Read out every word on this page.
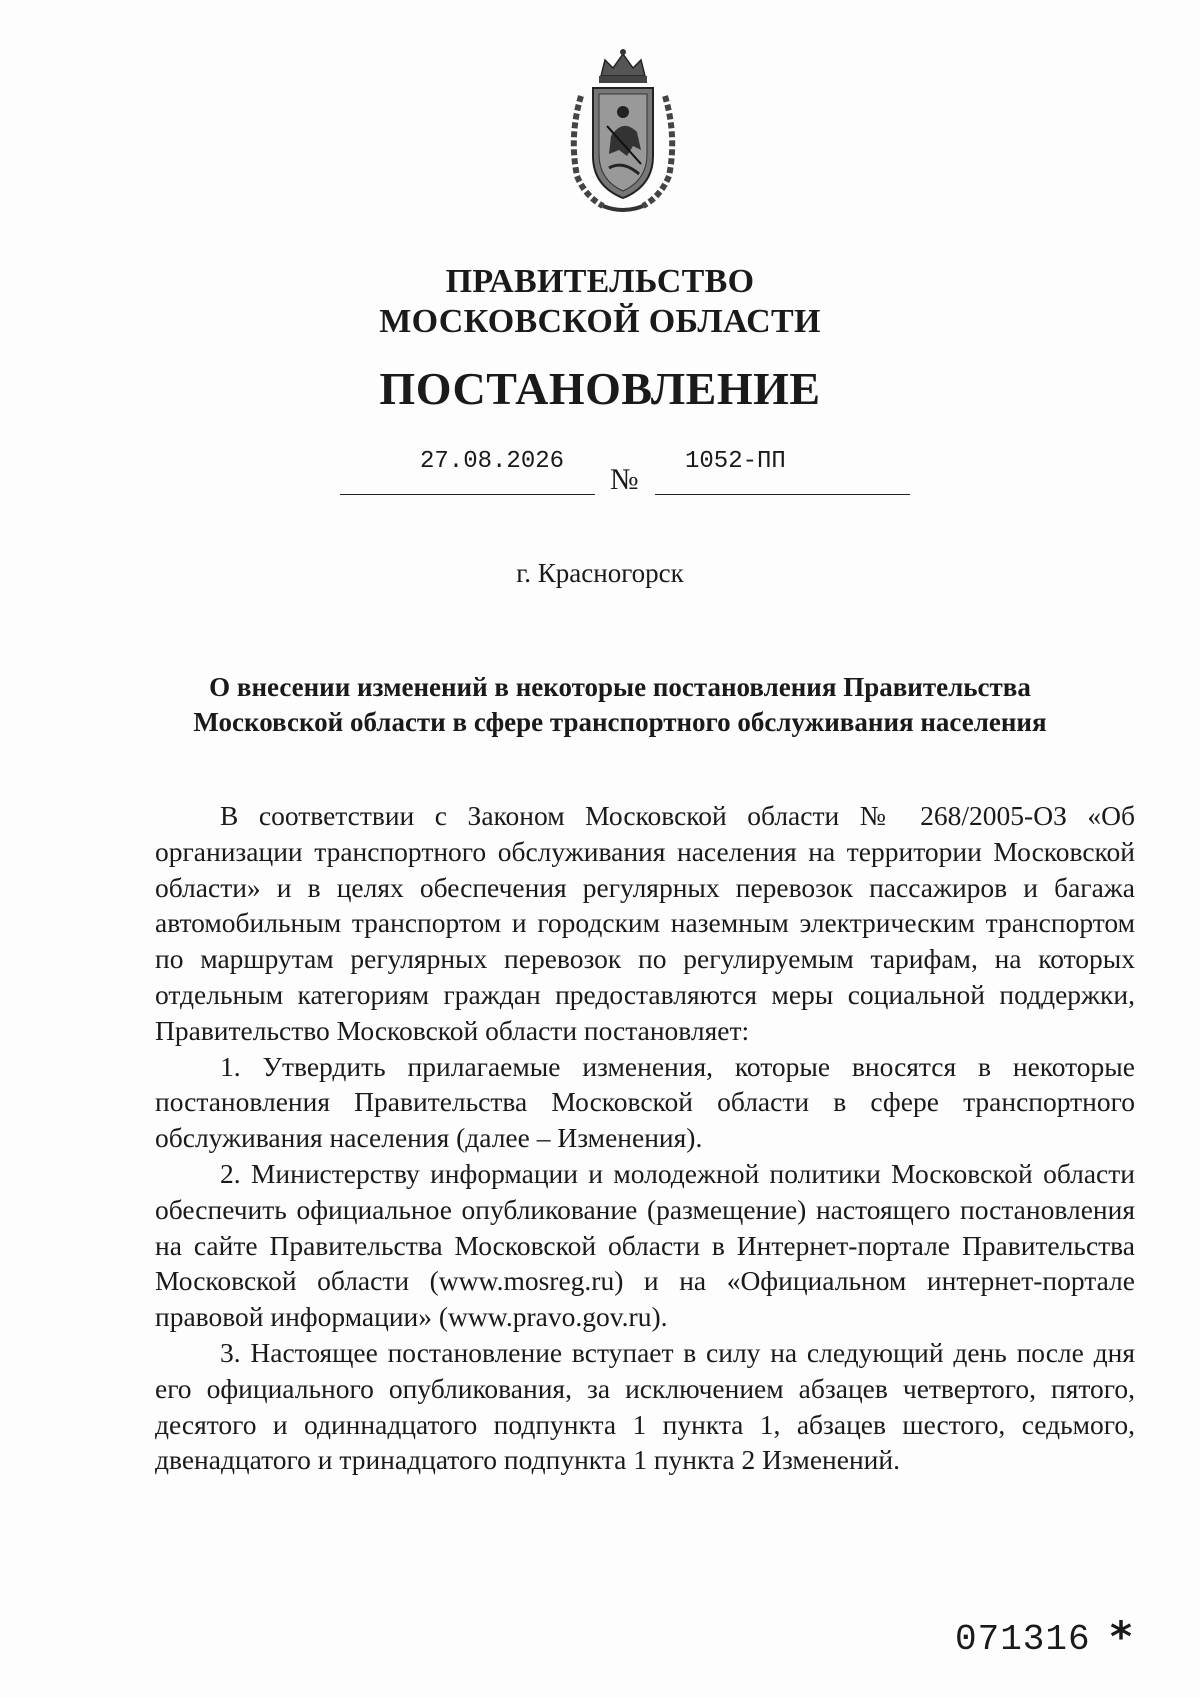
ПРАВИТЕЛЬСТВО
МОСКОВСКОЙ ОБЛАСТИ
ПОСТАНОВЛЕНИЕ
27.08.2026
№
1052-ПП
г. Красногорск
О внесении изменений в некоторые постановления Правительства
Московской области в сфере транспортного обслуживания населения

В соответствии с Законом Московской области № 268/2005-ОЗ «Об организации транспортного обслуживания населения на территории Московской области» и в целях обеспечения регулярных перевозок пассажиров и багажа автомобильным транспортом и городским наземным электрическим транспортом по маршрутам регулярных перевозок по регулируемым тарифам, на которых отдельным категориям граждан предоставляются меры социальной поддержки, Правительство Московской области постановляет:

1. Утвердить прилагаемые изменения, которые вносятся в некоторые постановления Правительства Московской области в сфере транспортного обслуживания населения (далее – Изменения).

2. Министерству информации и молодежной политики Московской области обеспечить официальное опубликование (размещение) настоящего постановления на сайте Правительства Московской области в Интернет-портале Правительства Московской области (www.mosreg.ru) и на «Официальном интернет-портале правовой информации» (www.pravo.gov.ru).

3. Настоящее постановление вступает в силу на следующий день после дня его официального опубликования, за исключением абзацев четвертого, пятого, десятого и одиннадцатого подпункта 1 пункта 1, абзацев шестого, седьмого, двенадцатого и тринадцатого подпункта 1 пункта 2 Изменений.

071316 *
